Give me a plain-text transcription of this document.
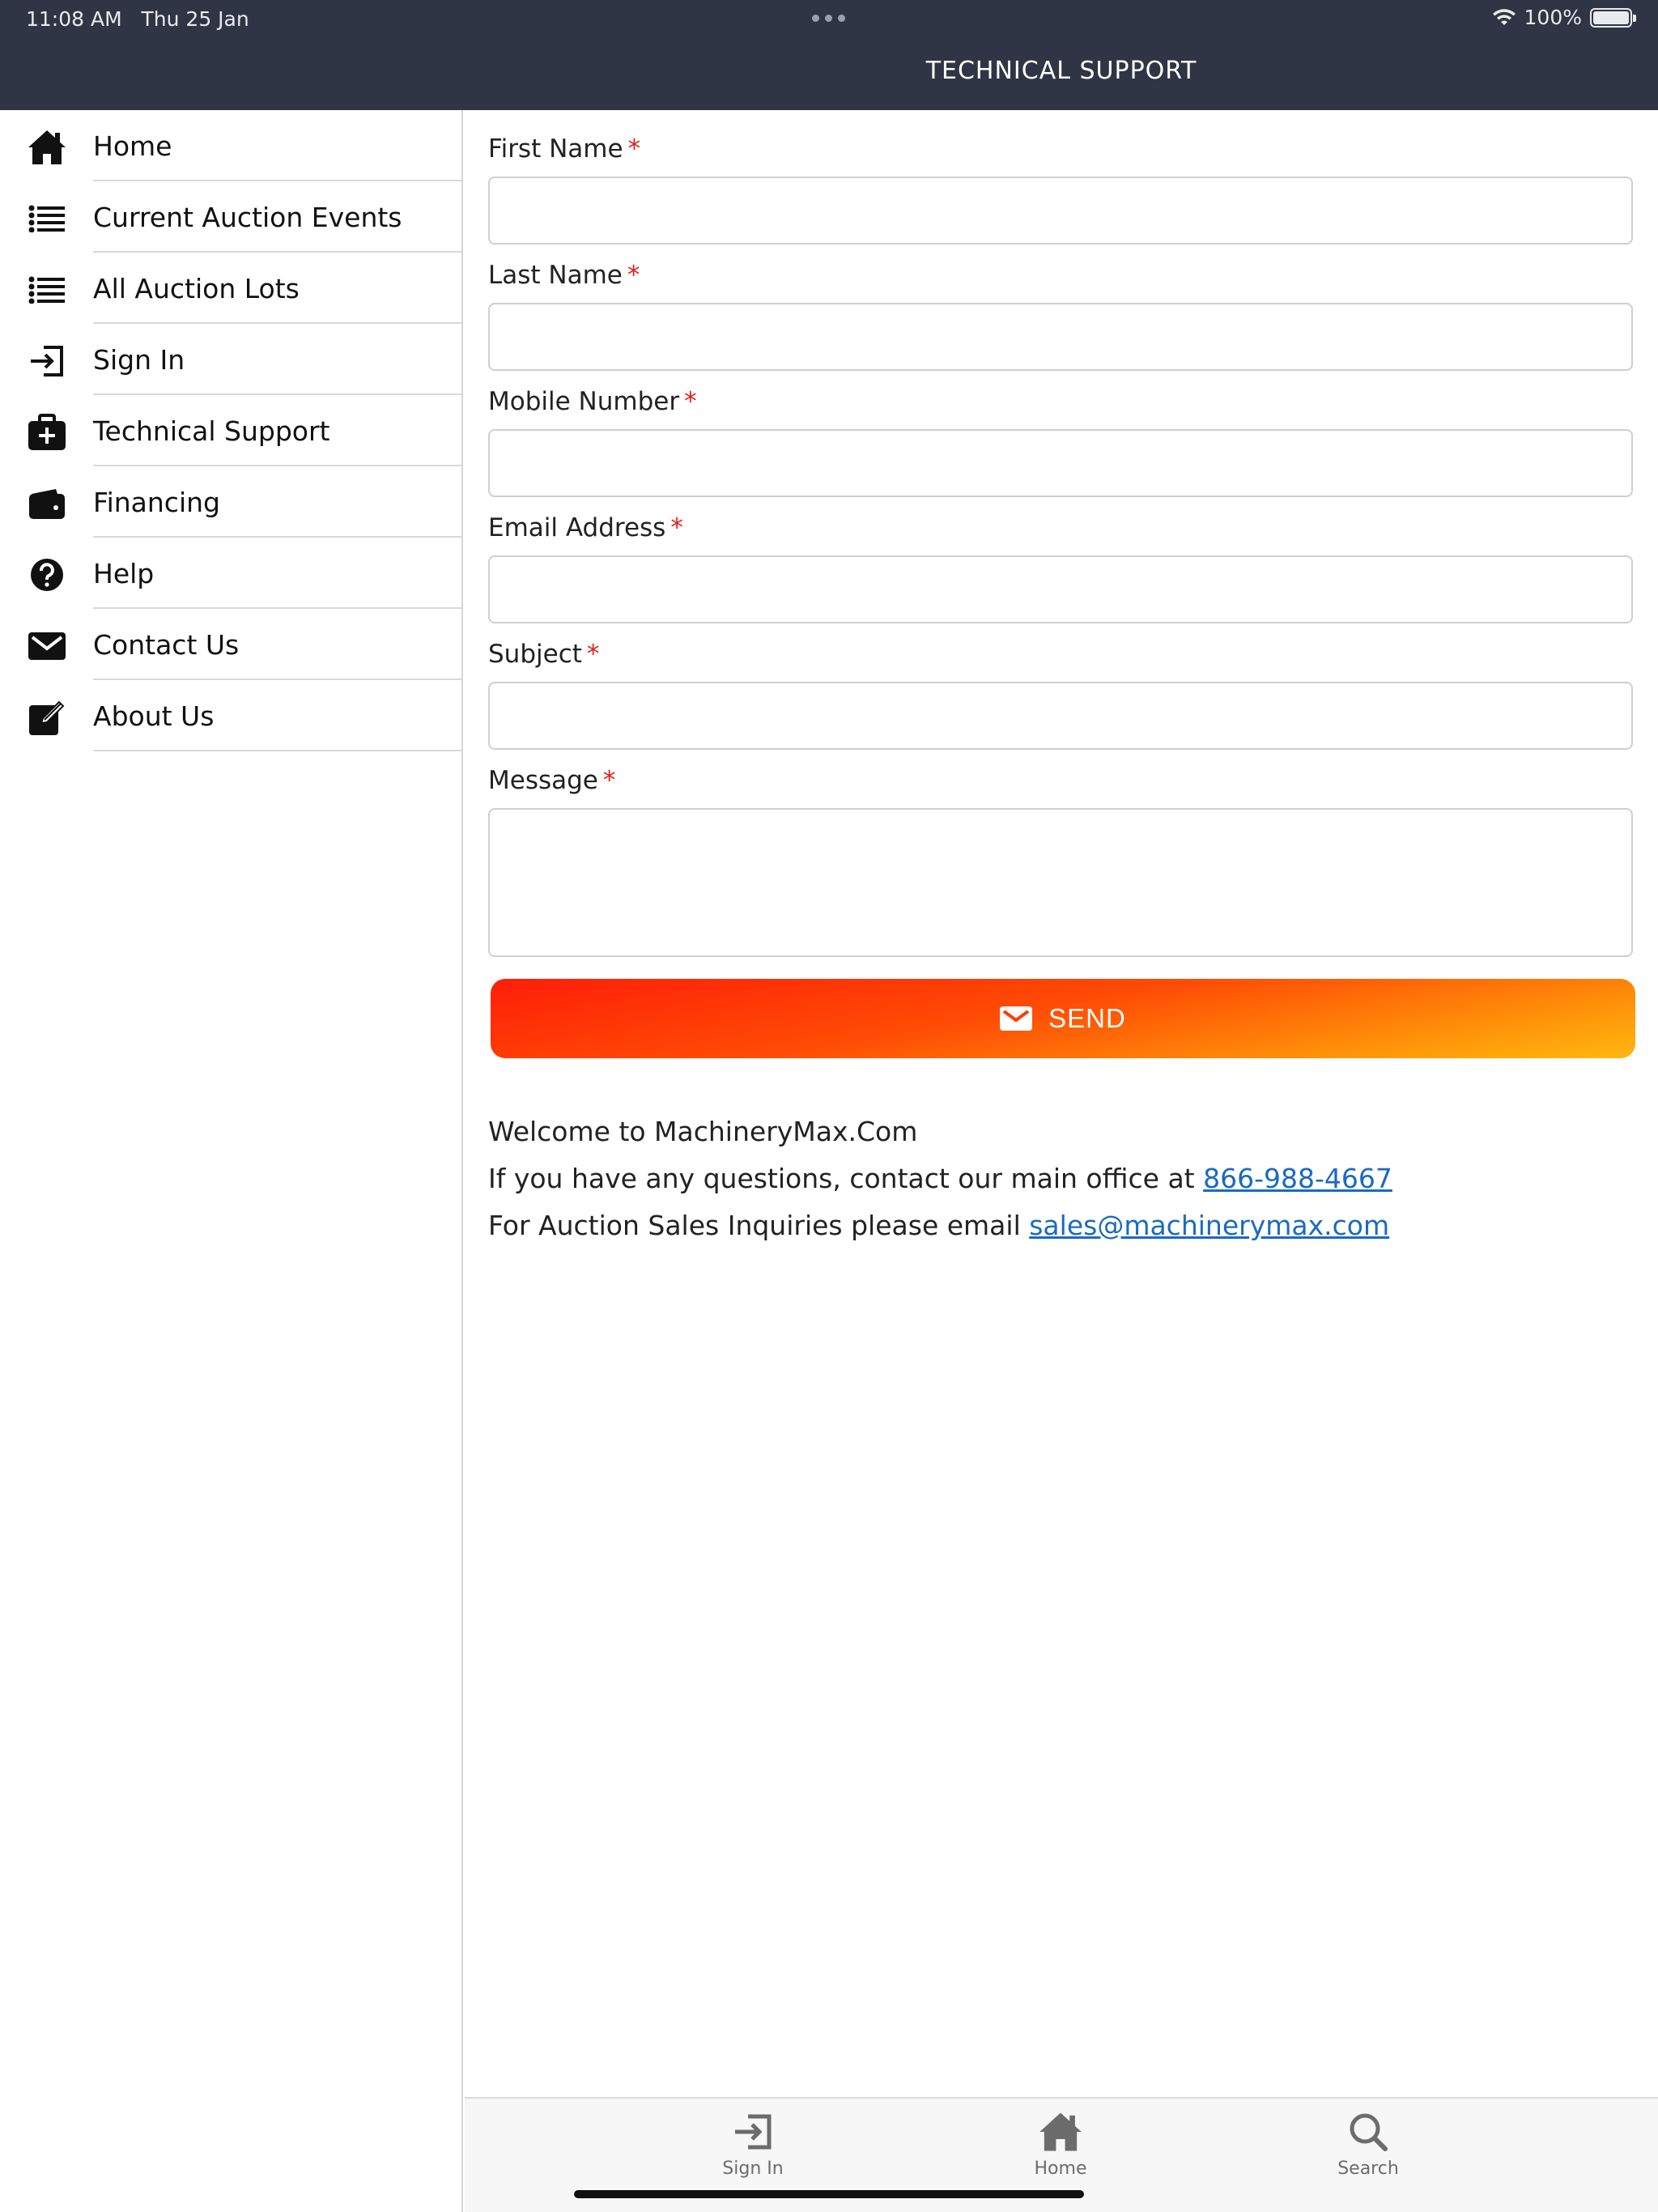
11:08 AM Thu 25 Jan	100%
TECHNICAL SUPPORT
Home
Current Auction Events
All Auction Lots
Sign In
Technical Support
Financing
Help
Contact Us
About Us
First Name *
Last Name *
Mobile Number *
Email Address *
Subject *
Message *
SEND
Welcome to MachineryMax.Com
If you have any questions, contact our main office at 866-988-4667
For Auction Sales Inquiries please email sales@machinerymax.com
Sign In	Home	Search
